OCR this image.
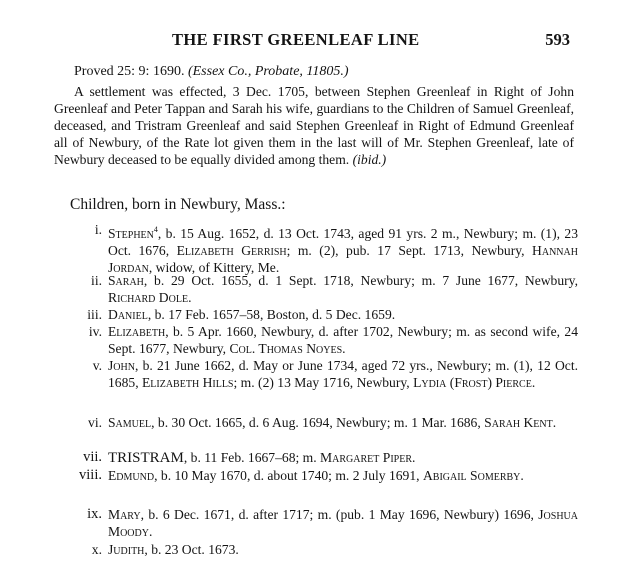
THE FIRST GREENLEAF LINE	593
Proved 25: 9: 1690. (Essex Co., Probate, 11805.)
A settlement was effected, 3 Dec. 1705, between Stephen Greenleaf in Right of John Greenleaf and Peter Tappan and Sarah his wife, guardians to the Children of Samuel Greenleaf, deceased, and Tristram Greenleaf and said Stephen Greenleaf in Right of Edmund Greenleaf all of Newbury, of the Rate lot given them in the last will of Mr. Stephen Greenleaf, late of Newbury deceased to be equally divided among them. (ibid.)
Children, born in Newbury, Mass.:
i. Stephen$^4$, b. 15 Aug. 1652, d. 13 Oct. 1743, aged 91 yrs. 2 m., Newbury; m. (1), 23 Oct. 1676, Elizabeth Gerrish; m. (2), pub. 17 Sept. 1713, Newbury, Hannah Jordan, widow, of Kittery, Me.
ii. Sarah, b. 29 Oct. 1655, d. 1 Sept. 1718, Newbury; m. 7 June 1677, Newbury, Richard Dole.
iii. Daniel, b. 17 Feb. 1657–58, Boston, d. 5 Dec. 1659.
iv. Elizabeth, b. 5 Apr. 1660, Newbury, d. after 1702, Newbury; m. as second wife, 24 Sept. 1677, Newbury, Col. Thomas Noyes.
v. John, b. 21 June 1662, d. May or June 1734, aged 72 yrs., Newbury; m. (1), 12 Oct. 1685, Elizabeth Hills; m. (2) 13 May 1716, Newbury, Lydia (Frost) Pierce.
vi. Samuel, b. 30 Oct. 1665, d. 6 Aug. 1694, Newbury; m. 1 Mar. 1686, Sarah Kent.
vii. TRISTRAM, b. 11 Feb. 1667–68; m. Margaret Piper.
viii. Edmund, b. 10 May 1670, d. about 1740; m. 2 July 1691, Abigail Somerby.
ix. Mary, b. 6 Dec. 1671, d. after 1717; m. (pub. 1 May 1696, Newbury) 1696, Joshua Moody.
x. Judith, b. 23 Oct. 1673.
